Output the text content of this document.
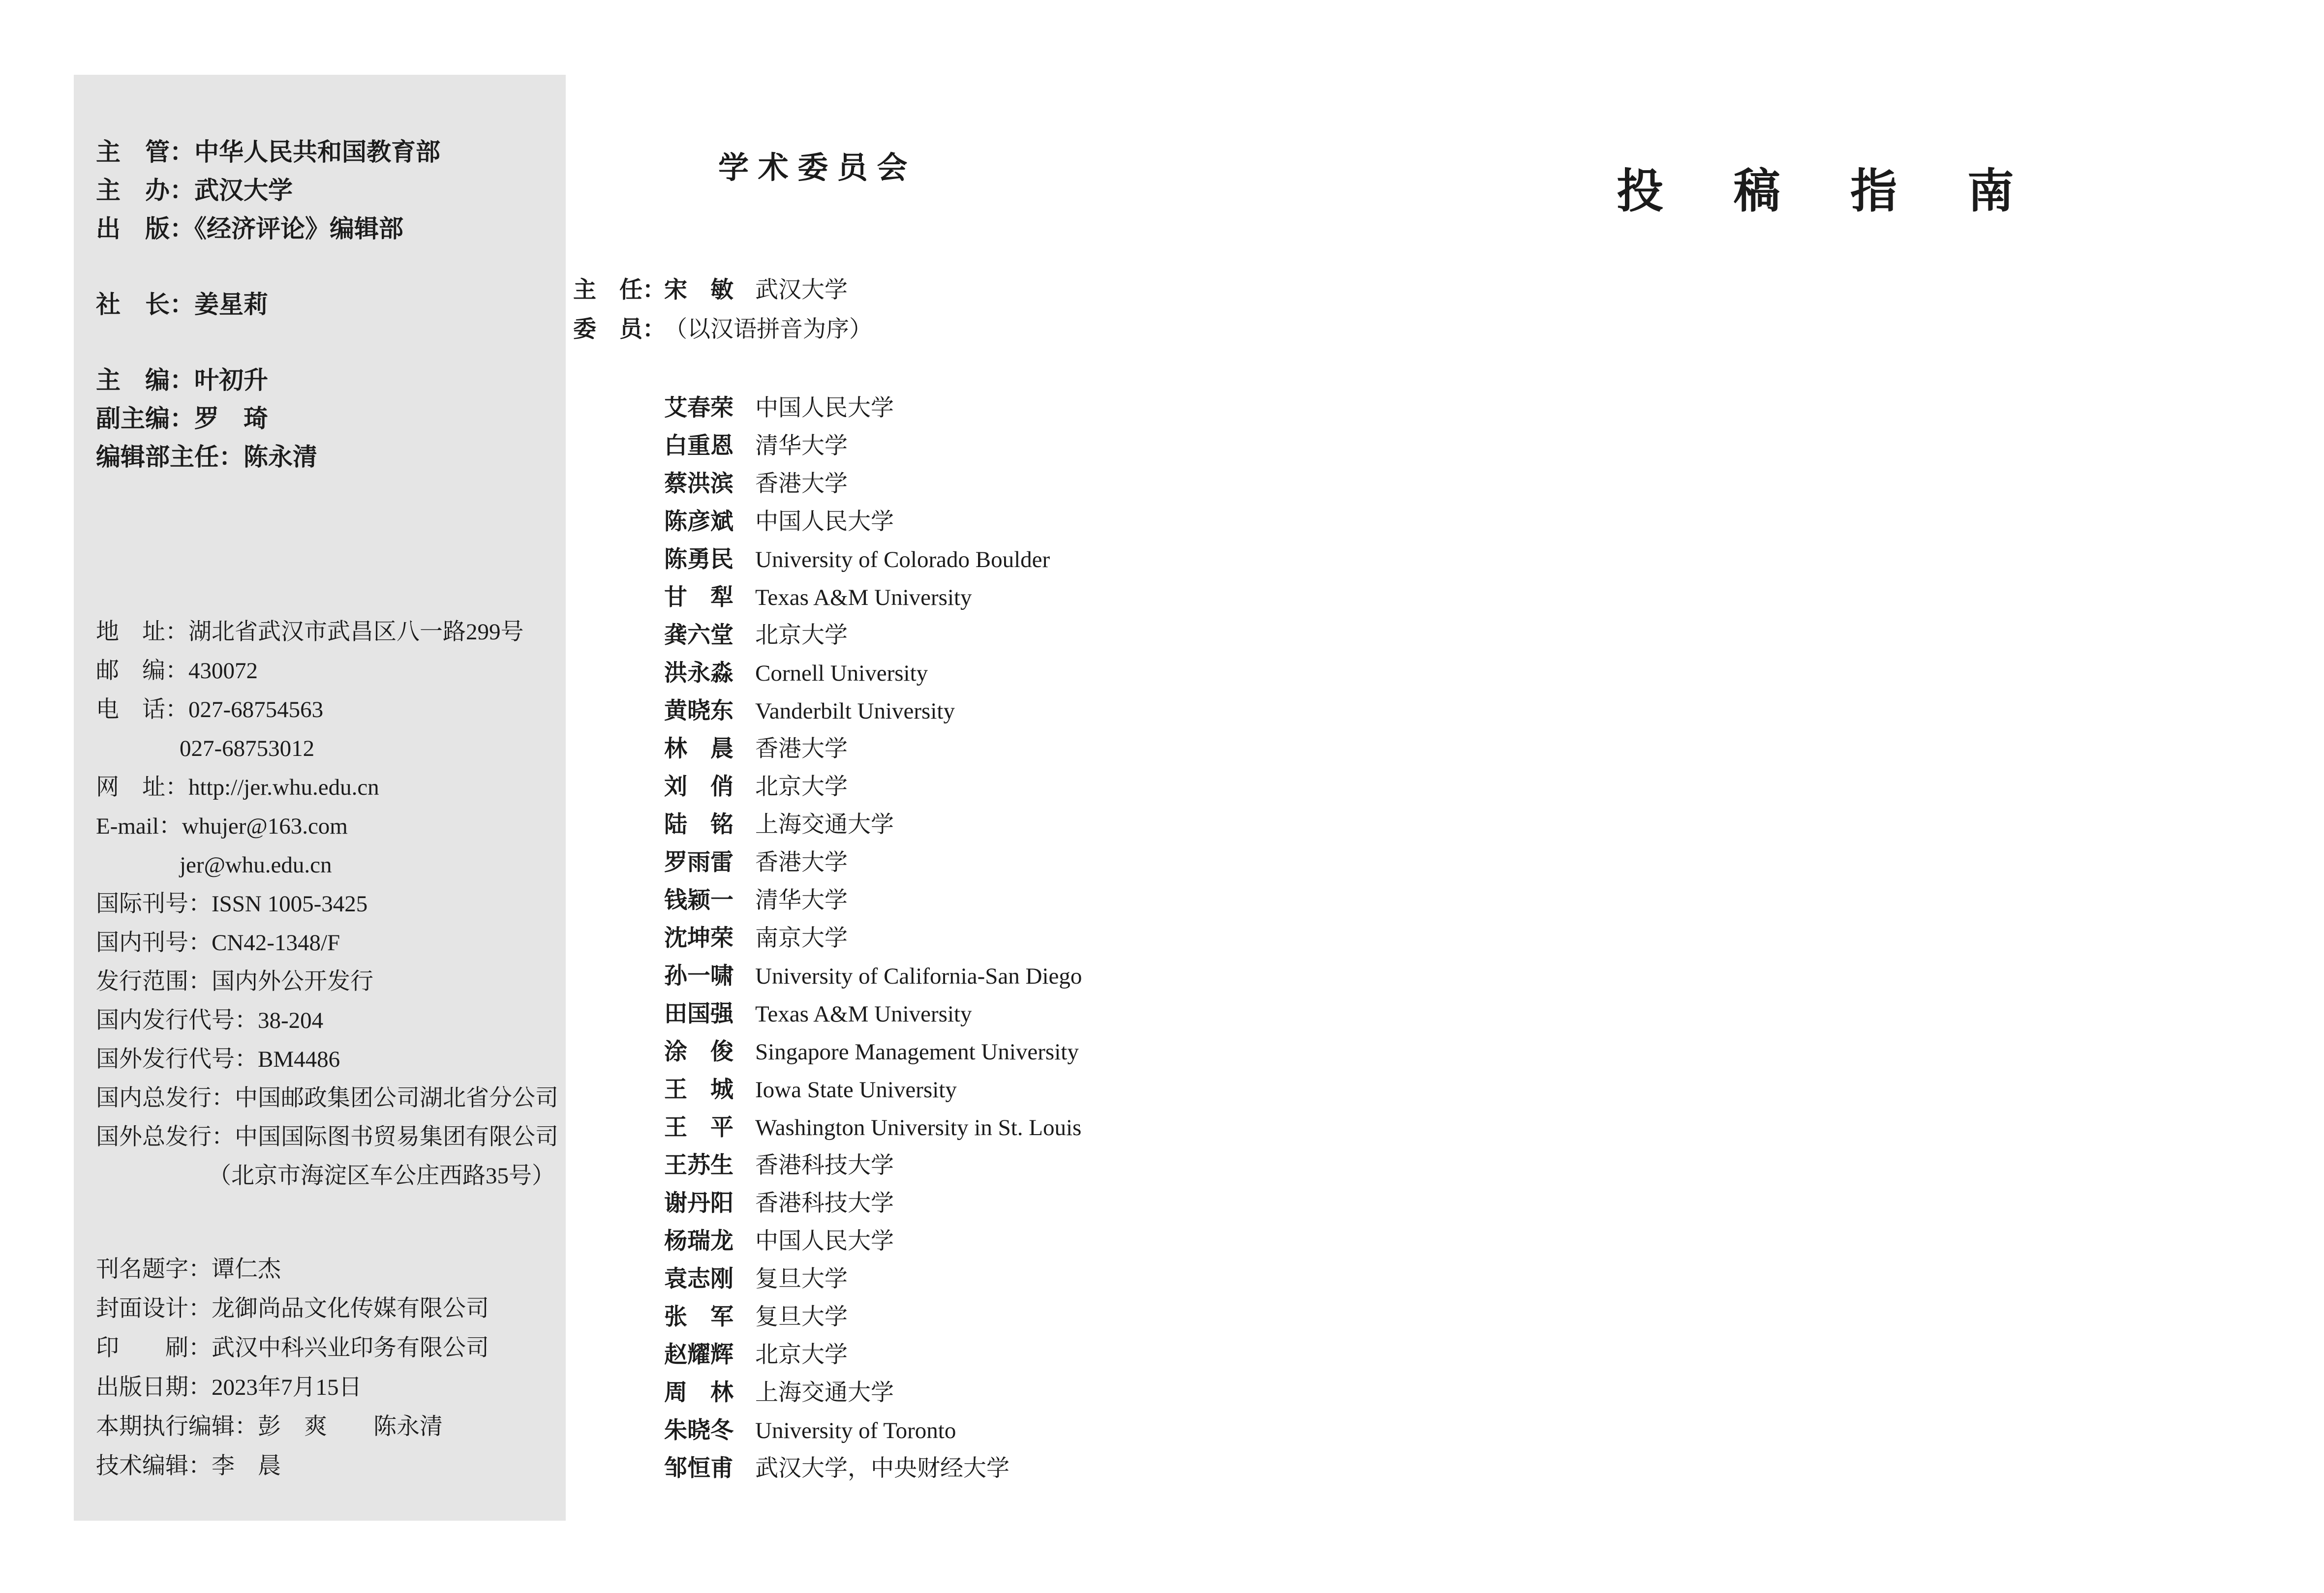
主　管：中华人民共和国教育部
主　办：武汉大学
出　版：《经济评论》编辑部
社　长：姜星莉
主　编：叶初升
副主编：罗　琦
编辑部主任：陈永清
地　址：湖北省武汉市武昌区八一路299号
邮　编：430072
电　话：027-68754563
027-68753012
网　址：http://jer.whu.edu.cn
E-mail：whujer@163.com
jer@whu.edu.cn
国际刊号：ISSN 1005-3425
国内刊号：CN42-1348/F
发行范围：国内外公开发行
国内发行代号：38-204
国外发行代号：BM4486
国内总发行：中国邮政集团公司湖北省分公司
国外总发行：中国国际图书贸易集团有限公司
（北京市海淀区车公庄西路35号）
刊名题字：谭仁杰
封面设计：龙御尚品文化传媒有限公司
印　　刷：武汉中科兴业印务有限公司
出版日期：2023年7月15日
本期执行编辑：彭　爽　　陈永清
技术编辑：李　晨
学术委员会
主　任：宋　敏 武汉大学
委　员：（以汉语拼音为序）
艾春荣 中国人民大学
白重恩 清华大学
蔡洪滨 香港大学
陈彦斌 中国人民大学
陈勇民 University of Colorado Boulder
甘　犁 Texas A&M University
龚六堂 北京大学
洪永淼 Cornell University
黄晓东 Vanderbilt University
林　晨 香港大学
刘　俏 北京大学
陆　铭 上海交通大学
罗雨雷 香港大学
钱颖一 清华大学
沈坤荣 南京大学
孙一啸 University of California-San Diego
田国强 Texas A&M University
涂　俊 Singapore Management University
王　城 Iowa State University
王　平 Washington University in St. Louis
王苏生 香港科技大学
谢丹阳 香港科技大学
杨瑞龙 中国人民大学
袁志刚 复旦大学
张　军 复旦大学
赵耀辉 北京大学
周　林 上海交通大学
朱晓冬 University of Toronto
邹恒甫 武汉大学，中央财经大学
投稿指南
